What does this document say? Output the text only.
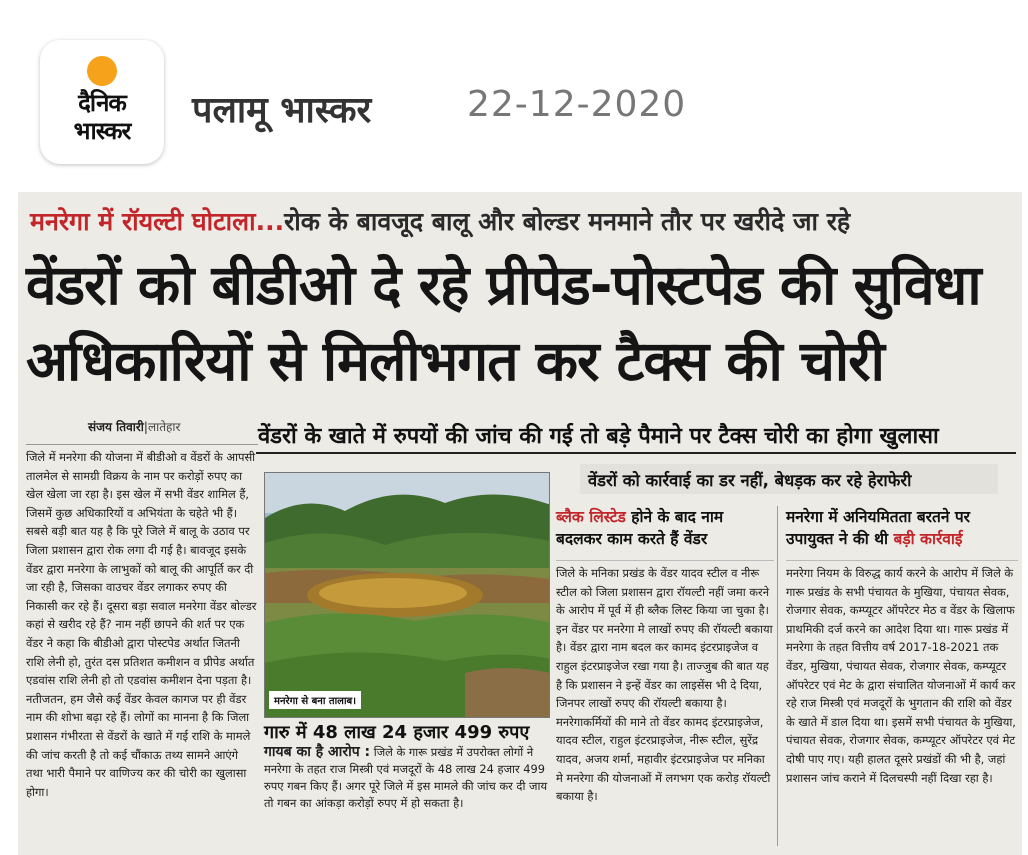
दैनिक
भास्कर	पलामू भास्कर	22-12-2020
मनरेगा में रॉयल्टी घोटाला...रोक के बावजूद बालू और बोल्डर मनमाने तौर पर खरीदे जा रहे
वेंडरों को बीडीओ दे रहे प्रीपेड-पोस्टपेड की सुविधा
अधिकारियों से मिलीभगत कर टैक्स की चोरी
संजय तिवारी|लातेहार	वेंडरों के खाते में रुपयों की जांच की गई तो बड़े पैमाने पर टैक्स चोरी का होगा खुलासा
जिले में मनरेगा की योजना में बीडीओ व वेंडरों के आपसी तालमेल से सामग्री विक्रय के नाम पर करोड़ों रुपए का खेल खेला जा रहा है। इस खेल में सभी वेंडर शामिल हैं, जिसमें कुछ अधिकारियों व अभियंता के चहेते भी हैं। सबसे बड़ी बात यह है कि पूरे जिले में बालू के उठाव पर जिला प्रशासन द्वारा रोक लगा दी गई है। बावजूद इसके वेंडर द्वारा मनरेगा के लाभुकों को बालू की आपूर्ति कर दी जा रही है, जिसका वाउचर वेंडर लगाकर रुपए की निकासी कर रहे हैं। दूसरा बड़ा सवाल मनरेगा वेंडर बोल्डर कहां से खरीद रहे हैं? नाम नहीं छापने की शर्त पर एक वेंडर ने कहा कि बीडीओ द्वारा पोस्टपेड अर्थात जितनी राशि लेनी हो, तुरंत दस प्रतिशत कमीशन व प्रीपेड अर्थात एडवांस राशि लेनी हो तो एडवांस कमीशन देना पड़ता है। नतीजतन, हम जैसे कई वेंडर केवल कागज पर ही वेंडर नाम की शोभा बढ़ा रहे हैं। लोगों का मानना है कि जिला प्रशासन गंभीरता से वेंडरों के खाते में गई राशि के मामले की जांच करती है तो कई चौंकाऊ तथ्य सामने आएंगे तथा भारी पैमाने पर वाणिज्य कर की चोरी का खुलासा होगा।
मनरेगा से बना तालाब।
गारु में 48 लाख 24 हजार 499 रुपए
गायब का है आरोप : जिले के गारू प्रखंड में उपरोक्त लोगों ने मनरेगा के तहत राज मिस्त्री एवं मजदूरों के 48 लाख 24 हजार 499 रुपए गबन किए हैं। अगर पूरे जिले में इस मामले की जांच कर दी जाय तो गबन का आंकड़ा करोड़ों रुपए में हो सकता है।
वेंडरों को कार्रवाई का डर नहीं, बेधड़क कर रहे हेराफेरी
ब्लैक लिस्टेड होने के बाद नाम बदलकर काम करते हैं वेंडर
मनरेगा में अनियमितता बरतने पर उपायुक्त ने की थी बड़ी कार्रवाई
जिले के मनिका प्रखंड के वेंडर यादव स्टील व नीरू स्टील को जिला प्रशासन द्वारा रॉयल्टी नहीं जमा करने के आरोप में पूर्व में ही ब्लैक लिस्ट किया जा चुका है। इन वेंडर पर मनरेगा मे लाखों रुपए की रॉयल्टी बकाया है। वेंडर द्वारा नाम बदल कर कामद इंटरप्राइजेज व राहुल इंटरप्राइजेज रखा गया है। ताज्जुब की बात यह है कि प्रशासन ने इन्हें वेंडर का लाइसेंस भी दे दिया, जिनपर लाखों रुपए की रॉयल्टी बकाया है। मनरेगाकर्मियों की माने तो वेंडर कामद इंटरप्राइजेज, यादव स्टील, राहुल इंटरप्राइजेज, नीरू स्टील, सुरेंद्र यादव, अजय शर्मा, महावीर इंटरप्राइजेज पर मनिका मे मनरेगा की योजनाओं में लगभग एक करोड़ रॉयल्टी बकाया है।
मनरेगा नियम के विरुद्ध कार्य करने के आरोप में जिले के गारू प्रखंड के सभी पंचायत के मुखिया, पंचायत सेवक, रोजगार सेवक, कम्प्यूटर ऑपरेटर मेठ व वेंडर के खिलाफ प्राथमिकी दर्ज करने का आदेश दिया था। गारू प्रखंड में मनरेगा के तहत वित्तीय वर्ष 2017-18-2021 तक वेंडर, मुखिया, पंचायत सेवक, रोजगार सेवक, कम्प्यूटर ऑपरेटर एवं मेट के द्वारा संचालित योजनाओं में कार्य कर रहे राज मिस्त्री एवं मजदूरों के भुगतान की राशि को वेंडर के खाते में डाल दिया था। इसमें सभी पंचायत के मुखिया, पंचायत सेवक, रोजगार सेवक, कम्प्यूटर ऑपरेटर एवं मेट दोषी पाए गए। यही हालत दूसरे प्रखंडों की भी है, जहां प्रशासन जांच कराने में दिलचस्पी नहीं दिखा रहा है।
